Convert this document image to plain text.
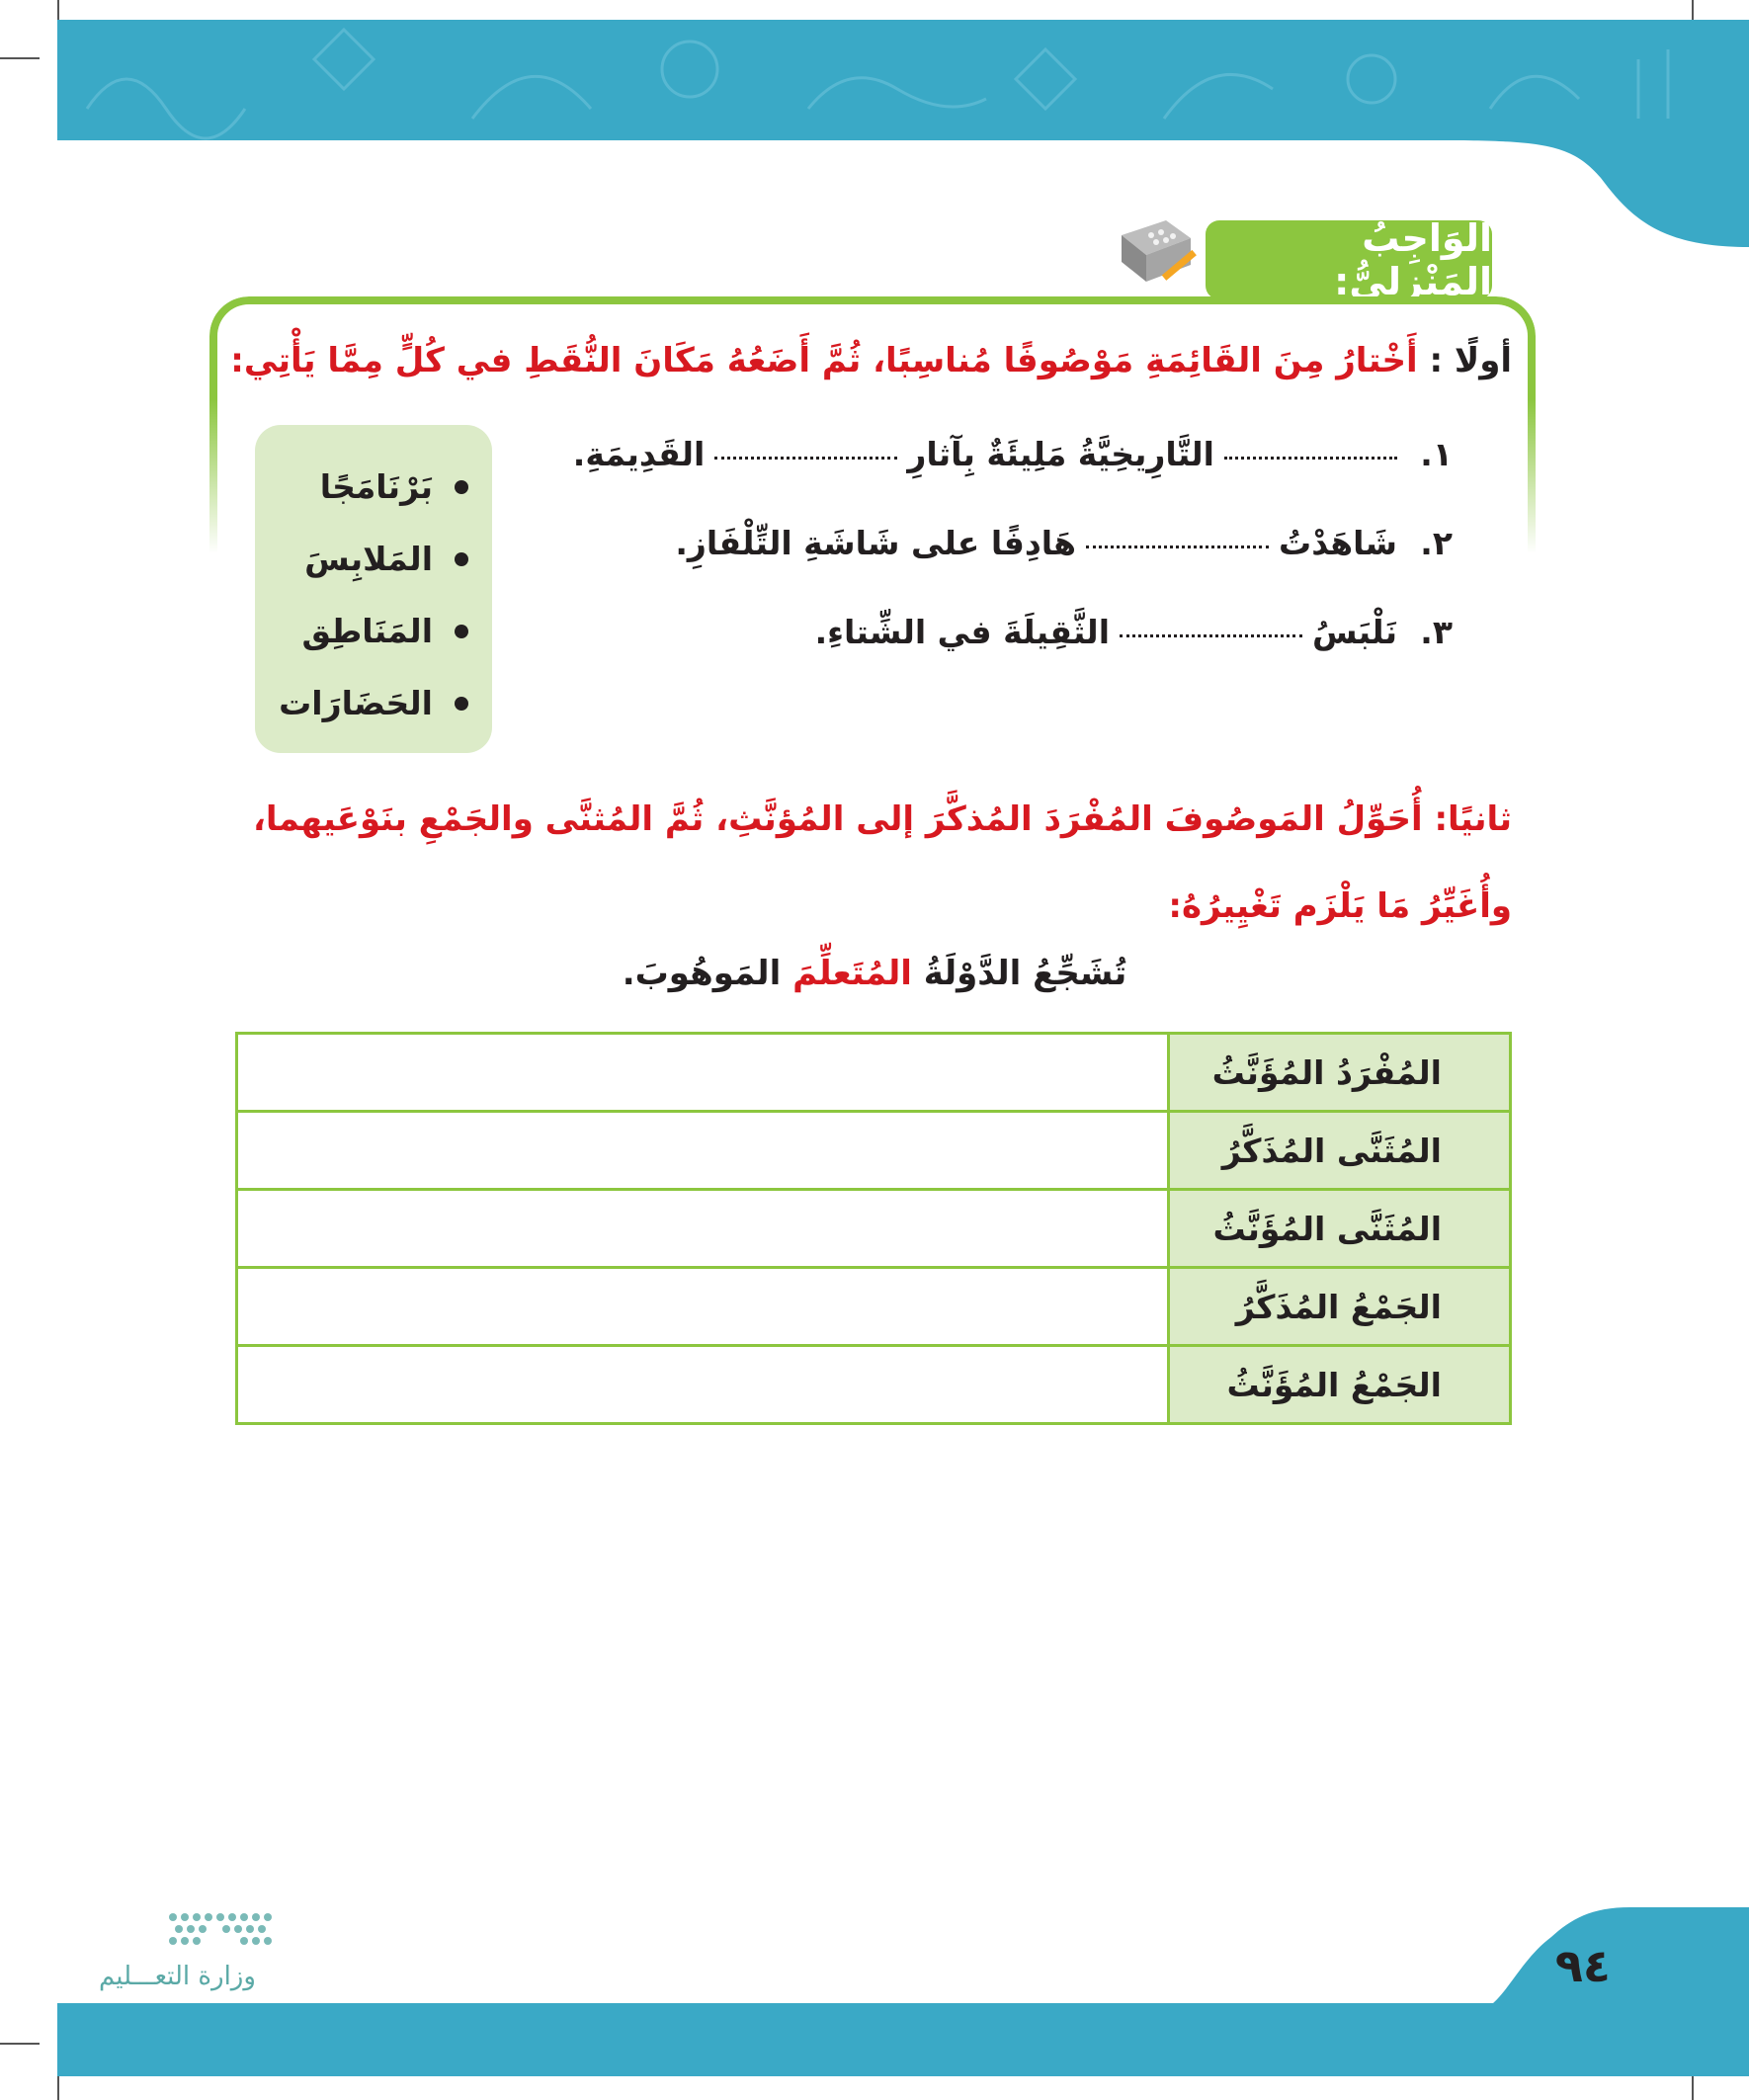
الوَاجِبُ المَنْزِلِيُّ:
أولًا : أَخْتارُ مِنَ القَائِمَةِ مَوْصُوفًا مُناسِبًا، ثُمَّ أَضَعُهُ مَكَانَ النُّقَطِ في كُلٍّ مِمَّا يَأْتِي:
١.
التَّارِيخِيَّةُ مَلِيئَةٌ بِآثارِ
القَدِيمَةِ.
٢.
شَاهَدْتُ
هَادِفًا على شَاشَةِ التِّلْفَازِ.
٣.
نَلْبَسُ
الثَّقِيلَةَ في الشِّتاءِ.
بَرْنَامَجًا
المَلابِسَ
المَنَاطِق
الحَضَارَات
ثانيًا: أُحَوِّلُ المَوصُوفَ المُفْرَدَ المُذكَّرَ إلى المُؤنَّثِ، ثُمَّ المُثنَّى والجَمْعِ بنَوْعَيهما، وأُغَيِّرُ مَا يَلْزَم تَغْيِيرُهُ:
تُشَجِّعُ الدَّوْلَةُ المُتَعلِّمَ المَوهُوبَ.
المُفْرَدُ المُؤَنَّثُ	
المُثَنَّى المُذَكَّرُ	
المُثَنَّى المُؤَنَّثُ	
الجَمْعُ المُذَكَّرُ	
الجَمْعُ المُؤَنَّثُ	
٩٤
وزارة التعـــليم
